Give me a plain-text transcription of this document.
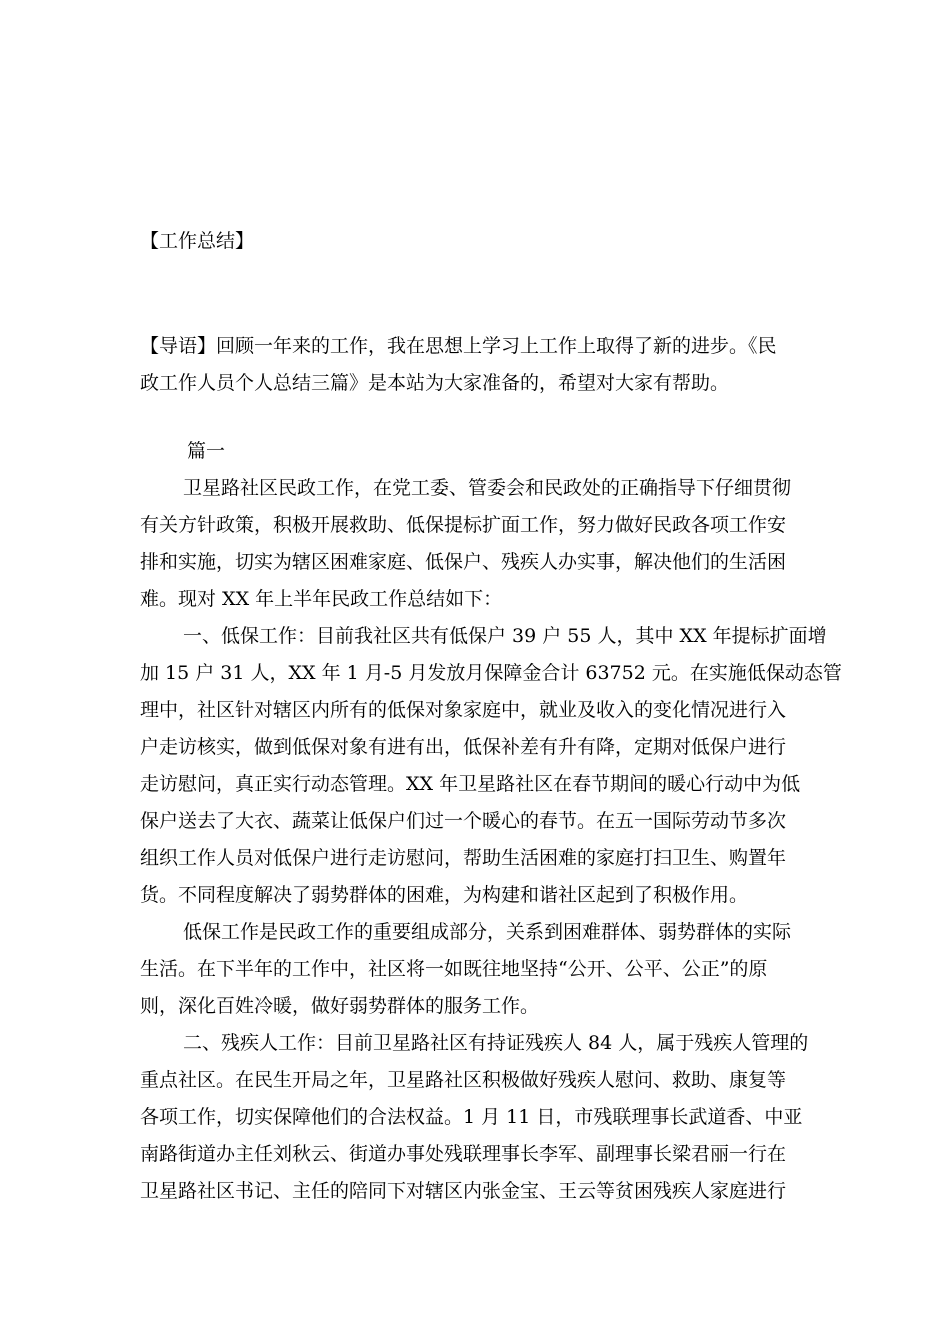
【工作总结】
【导语】回顾一年来的工作，我在思想上学习上工作上取得了新的进步。《民
政工作人员个人总结三篇》是本站为大家准备的，希望对大家有帮助。
篇一
卫星路社区民政工作，在党工委、管委会和民政处的正确指导下仔细贯彻
有关方针政策，积极开展救助、低保提标扩面工作，努力做好民政各项工作安
排和实施，切实为辖区困难家庭、低保户、残疾人办实事，解决他们的生活困
难。现对 XX 年上半年民政工作总结如下：
一、低保工作：目前我社区共有低保户 39 户 55 人，其中 XX 年提标扩面增
加 15 户 31 人，XX 年 1 月-5 月发放月保障金合计 63752 元。在实施低保动态管
理中，社区针对辖区内所有的低保对象家庭中，就业及收入的变化情况进行入
户走访核实，做到低保对象有进有出，低保补差有升有降，定期对低保户进行
走访慰问，真正实行动态管理。XX 年卫星路社区在春节期间的暖心行动中为低
保户送去了大衣、蔬菜让低保户们过一个暖心的春节。在五一国际劳动节多次
组织工作人员对低保户进行走访慰问，帮助生活困难的家庭打扫卫生、购置年
货。不同程度解决了弱势群体的困难，为构建和谐社区起到了积极作用。
低保工作是民政工作的重要组成部分，关系到困难群体、弱势群体的实际
生活。在下半年的工作中，社区将一如既往地坚持“公开、公平、公正”的原
则，深化百姓冷暖，做好弱势群体的服务工作。
二、残疾人工作：目前卫星路社区有持证残疾人 84 人，属于残疾人管理的
重点社区。在民生开局之年，卫星路社区积极做好残疾人慰问、救助、康复等
各项工作，切实保障他们的合法权益。1 月 11 日，市残联理事长武道香、中亚
南路街道办主任刘秋云、街道办事处残联理事长李军、副理事长梁君丽一行在
卫星路社区书记、主任的陪同下对辖区内张金宝、王云等贫困残疾人家庭进行
